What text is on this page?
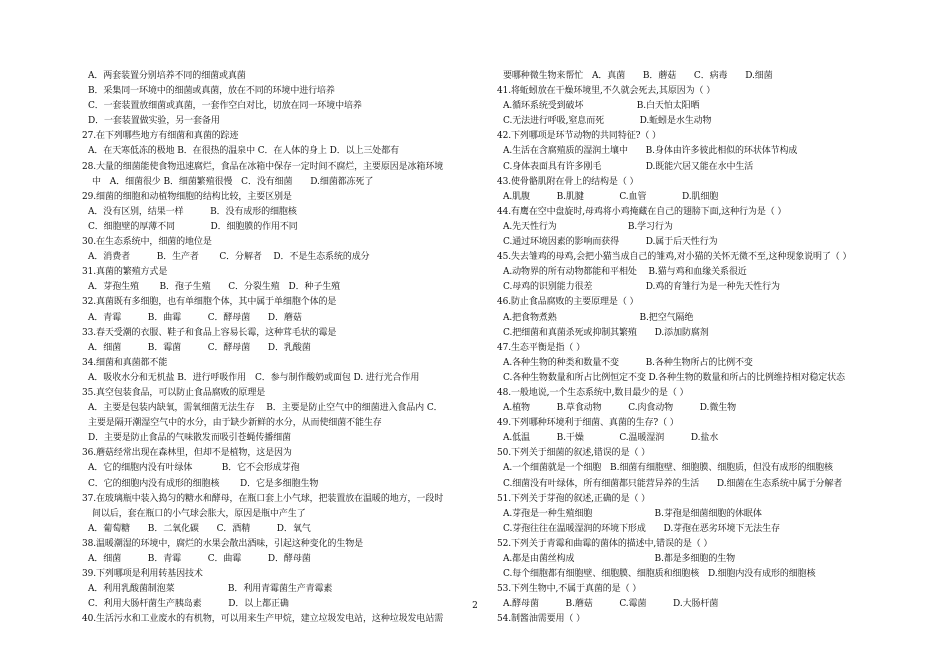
A．两套装置分别培养不同的细菌或真菌
B．采集同一环境中的细菌或真菌，放在不同的环境中进行培养
C．一套装置放细菌或真菌，一套作空白对比，切放在同一环境中培养
D．一套装置做实验，另一套备用
27.在下列哪些地方有细菌和真菌的踪迹
A．在天寒低冻的极地 B．在很热的温泉中 C．在人体的身上 D．以上三处都有
28.大量的细菌能使食物迅速腐烂，食品在冰箱中保存一定时间不腐烂，主要原因是冰箱环境
中　A．细菌很少 B．细菌繁殖很慢　C．没有细菌　　D.细菌都冻死了
29.细菌的细胞和动植物细胞的结构比较，主要区别是
A．没有区别，结果一样　　　B．没有成形的细胞核
C．细胞壁的厚薄不同　　　　D．细胞膜的作用不同
30.在生态系统中，细菌的地位是
A．消费者　　　B．生产者　　 C．分解者　 D．不是生态系统的成分
31.真菌的繁殖方式是
A．芽孢生殖　　 B．孢子生殖　　C．分裂生殖　D．种子生殖
32.真菌既有多细胞，也有单细胞个体，其中属于单细胞个体的是
A．青霉　　　B．曲霉　　　C．酵母菌　　D．蘑菇
33.春天受潮的衣服、鞋子和食品上容易长霉，这种茸毛状的霉是
A．细菌　　　B．霉菌　　　C．酵母菌　　D．乳酸菌
34.细菌和真菌都不能
A．吸收水分和无机盐 B．进行呼吸作用　C．参与制作酸奶或面包 D. 进行光合作用
35.真空包装食品，可以防止食品腐败的原理是
A．主要是包装内缺氧，需氧细菌无法生存　 B．主要是防止空气中的细菌进入食品内 C．
主要是隔开潮湿空气中的水分，由于缺少新鲜的水分，从而使细菌不能生存
D．主要是防止食品的气味散发而吸引苍蝇传播细菌
36.蘑菇经常出现在森林里，但却不是植物，这是因为
A．它的细胞内没有叶绿体　　　 B．它不会形成芽孢
C．它的细胞内没有成形的细胞核　　 D．它是多细胞生物
37.在玻璃瓶中装入捣匀的糖水和酵母，在瓶口套上小气球，把装置放在温暖的地方，一段时
间以后，套在瓶口的小气球会胀大，原因是瓶中产生了
A．葡萄糖　　B．二氧化碳　　C．酒精　　　D．氧气
38.温暖潮湿的环境中，腐烂的水果会散出酒味，引起这种变化的生物是
A．细菌　　　B．青霉　　　C．曲霉　　　D．酵母菌
39.下列哪项是利用转基因技术
A．利用乳酸菌制泡菜　　　　　　B．利用青霉菌生产青霉素
C．利用大肠杆菌生产胰岛素　　　D．以上都正确
40.生活污水和工业废水的有机物，可以用来生产甲烷，建立垃圾发电站，这种垃圾发电站需
要哪种微生物来帮忙　A．真菌　　B．蘑菇　　C．病毒　　D.细菌
41.将蚯蚓放在干燥环境里,不久就会死去,其原因为（ ）
A.循环系统受到破坏　　　　　　B.白天怕太阳晒
C.无法进行呼吸,窒息而死　　　　D.蚯蚓是水生动物
42.下列哪项是环节动物的共同特征?（ ）
A.生活在含腐殖质的湿润土壤中　　B.身体由许多彼此相似的环状体节构成
C.身体表面具有许多刚毛　　　　　D.既能穴居又能在水中生活
43.使骨骼肌附在骨上的结构是（ ）
A.肌腹　　　B.肌腱　　　　C.血管　　　　D.肌细胞
44.有鹰在空中盘旋时,母鸡将小鸡掩藏在自己的翅膀下面,这种行为是（ ）
A.先天性行为　　　　　　　　B.学习行为
C.通过环境因素的影响而获得　　　D.属于后天性行为
45.失去雏鸡的母鸡,会把小猫当成自己的雏鸡,对小猫的关怀无微不至,这种现象说明了（ ）
A.动物界的所有动物都能和平相处　 B.猫与鸡和血缘关系很近
C.母鸡的识别能力很差　　　　　　D.鸡的育雏行为是一种先天性行为
46.防止食品腐败的主要原理是（ ）
A.把食物煮熟　　　　　　　　　 B.把空气隔绝
C.把细菌和真菌杀死或抑制其繁殖　　D.添加防腐剂
47.生态平衡是指（ ）
A.各种生物的种类和数量不变　　　B.各种生物所占的比例不变
C.各种生物数量和所占比例恒定不变 D.各种生物的数量和所占的比例维持相对稳定状态
48.一般地说,一个生态系统中,数目最少的是（ ）
A.植物　　　B.草食动物　　　C.肉食动物　　　D.微生物
49.下列哪种环境利于细菌、真菌的生存?（ ）
A.低温　　　B.干燥　　　　C.温暖湿润　　　D.盐水
50.下列关于细菌的叙述,错误的是（ ）
A.一个细菌就是一个细胞　B.细菌有细胞壁、细胞膜、细胞质，但没有成形的细胞核
C.细菌没有叶绿体，所有细菌都只能营异养的生活　　D.细菌在生态系统中属于分解者
51.下列关于芽孢的叙述,正确的是（ ）
A.芽孢是一种生殖细胞　　　　　　　B.芽孢是细菌细胞的休眠体
C.芽孢往往在温暖湿润的环境下形成　　D.芽孢在恶劣环境下无法生存
52.下列关于青霉和曲霉的菌体的描述中,错误的是（ ）
A.都是由菌丝构成　　　　　　　　　B.都是多细胞的生物
C.每个细胞都有细胞壁、细胞膜、细胞质和细胞核　D.细胞内没有成形的细胞核
53.下列生物中,不属于真菌的是（ ）
A.酵母菌　　　B.蘑菇　　　C.霉菌　　　D.大肠杆菌
54.制酱油需要用（ ）
2
